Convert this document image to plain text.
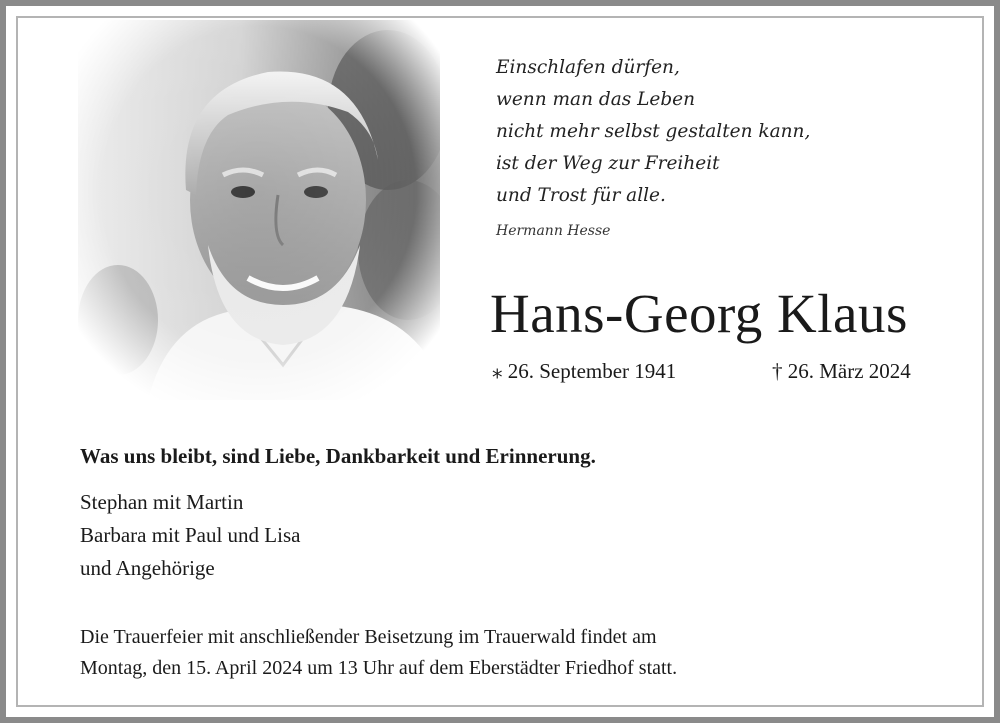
Einschlafen dürfen,
wenn man das Leben
nicht mehr selbst gestalten kann,
ist der Weg zur Freiheit
und Trost für alle.
Hermann Hesse
Hans-Georg Klaus
⁎ 26. September 1941	† 26. März 2024
Was uns bleibt, sind Liebe, Dankbarkeit und Erinnerung.
Stephan mit Martin
Barbara mit Paul und Lisa
und Angehörige
Die Trauerfeier mit anschließender Beisetzung im Trauerwald findet am
Montag, den 15. April 2024 um 13 Uhr auf dem Eberstädter Friedhof statt.
